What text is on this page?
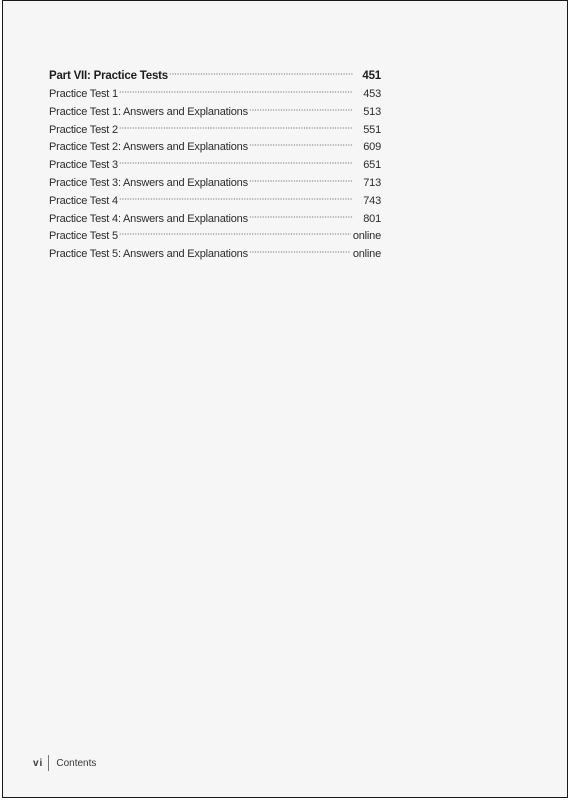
Part VII: Practice Tests	451
Practice Test 1	453
Practice Test 1: Answers and Explanations	513
Practice Test 2	551
Practice Test 2: Answers and Explanations	609
Practice Test 3	651
Practice Test 3: Answers and Explanations	713
Practice Test 4	743
Practice Test 4: Answers and Explanations	801
Practice Test 5	online
Practice Test 5: Answers and Explanations	online
vi Contents
